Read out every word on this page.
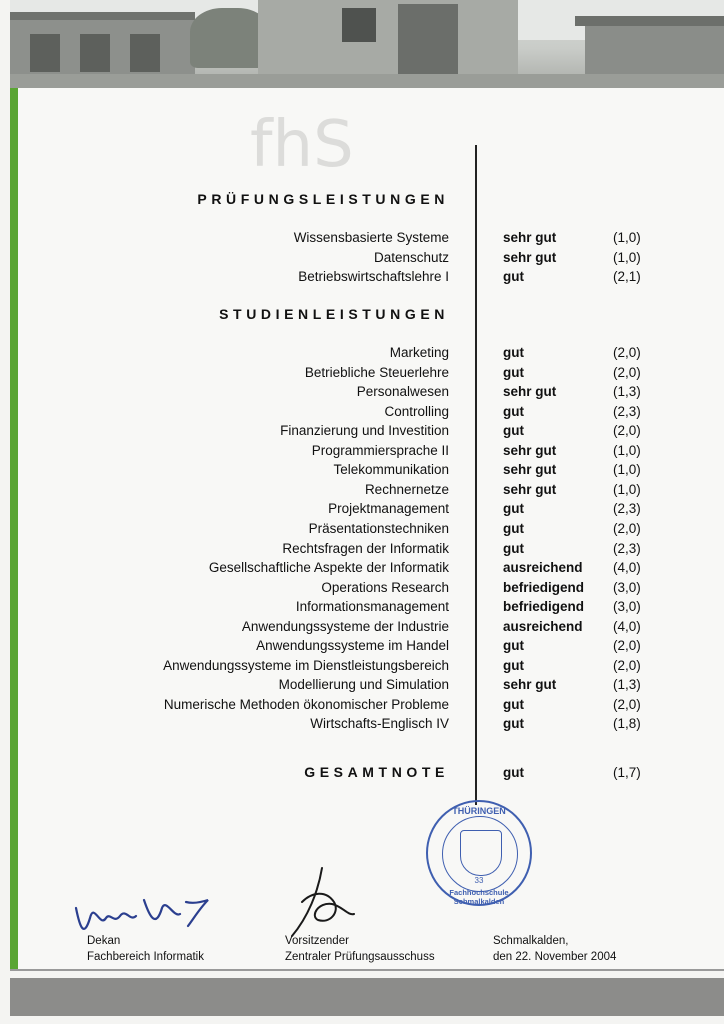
fhS
PRÜFUNGSLEISTUNGEN
Wissensbasierte Systeme	sehr gut	(1,0)
Datenschutz	sehr gut	(1,0)
Betriebswirtschaftslehre I	gut	(2,1)
STUDIENLEISTUNGEN
Marketing	gut	(2,0)
Betriebliche Steuerlehre	gut	(2,0)
Personalwesen	sehr gut	(1,3)
Controlling	gut	(2,3)
Finanzierung und Investition	gut	(2,0)
Programmiersprache II	sehr gut	(1,0)
Telekommunikation	sehr gut	(1,0)
Rechnernetze	sehr gut	(1,0)
Projektmanagement	gut	(2,3)
Präsentationstechniken	gut	(2,0)
Rechtsfragen der Informatik	gut	(2,3)
Gesellschaftliche Aspekte der Informatik	ausreichend (4,0)
Operations Research	befriedigend (3,0)
Informationsmanagement	befriedigend (3,0)
Anwendungssysteme der Industrie	ausreichend (4,0)
Anwendungssysteme im Handel	gut	(2,0)
Anwendungssysteme im Dienstleistungsbereich	gut	(2,0)
Modellierung und Simulation	sehr gut	(1,3)
Numerische Methoden ökonomischer Probleme	gut	(2,0)
Wirtschafts-Englisch IV	gut	(1,8)
GESAMTNOTE	gut	(1,7)
THÜRINGEN
33
Fachhochschule Schmalkalden
Dekan
Fachbereich Informatik
Vorsitzender
Zentraler Prüfungsausschuss
Schmalkalden,
den 22. November 2004
